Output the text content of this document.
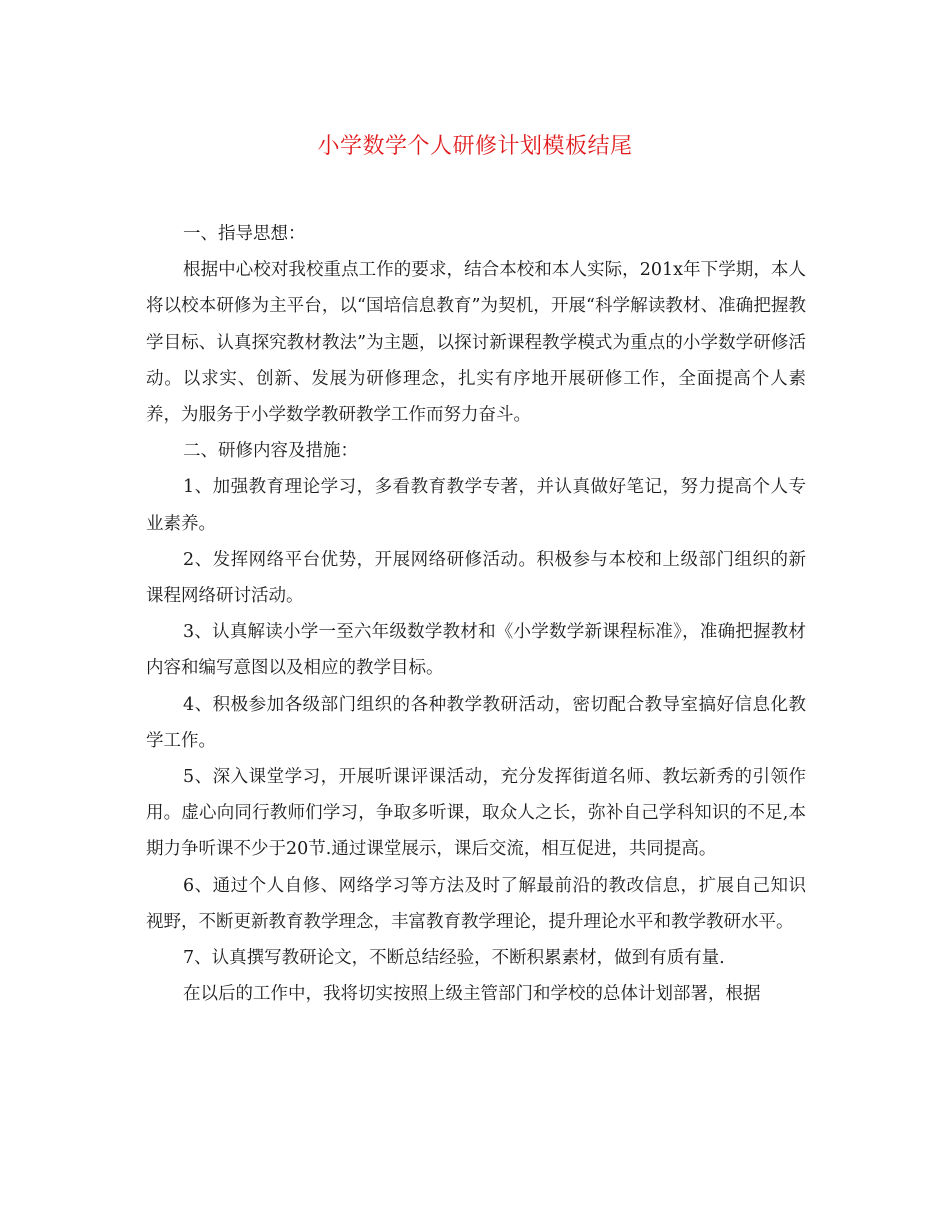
小学数学个人研修计划模板结尾

一、指导思想：

根据中心校对我校重点工作的要求，结合本校和本人实际，201x年下学期，本人将以校本研修为主平台，以“国培信息教育”为契机，开展“科学解读教材、准确把握教学目标、认真探究教材教法”为主题，以探讨新课程教学模式为重点的小学数学研修活动。以求实、创新、发展为研修理念，扎实有序地开展研修工作，全面提高个人素养，为服务于小学数学教研教学工作而努力奋斗。

二、研修内容及措施：

1、加强教育理论学习，多看教育教学专著，并认真做好笔记，努力提高个人专业素养。

2、发挥网络平台优势，开展网络研修活动。积极参与本校和上级部门组织的新课程网络研讨活动。

3、认真解读小学一至六年级数学教材和《小学数学新课程标准》，准确把握教材内容和编写意图以及相应的教学目标。

4、积极参加各级部门组织的各种教学教研活动，密切配合教导室搞好信息化教学工作。

5、深入课堂学习，开展听课评课活动，充分发挥街道名师、教坛新秀的引领作用。虚心向同行教师们学习，争取多听课，取众人之长，弥补自己学科知识的不足,本期力争听课不少于20节.通过课堂展示，课后交流，相互促进，共同提高。

6、通过个人自修、网络学习等方法及时了解最前沿的教改信息，扩展自己知识视野，不断更新教育教学理念，丰富教育教学理论，提升理论水平和教学教研水平。

7、认真撰写教研论文，不断总结经验，不断积累素材，做到有质有量.

在以后的工作中，我将切实按照上级主管部门和学校的总体计划部署，根据
